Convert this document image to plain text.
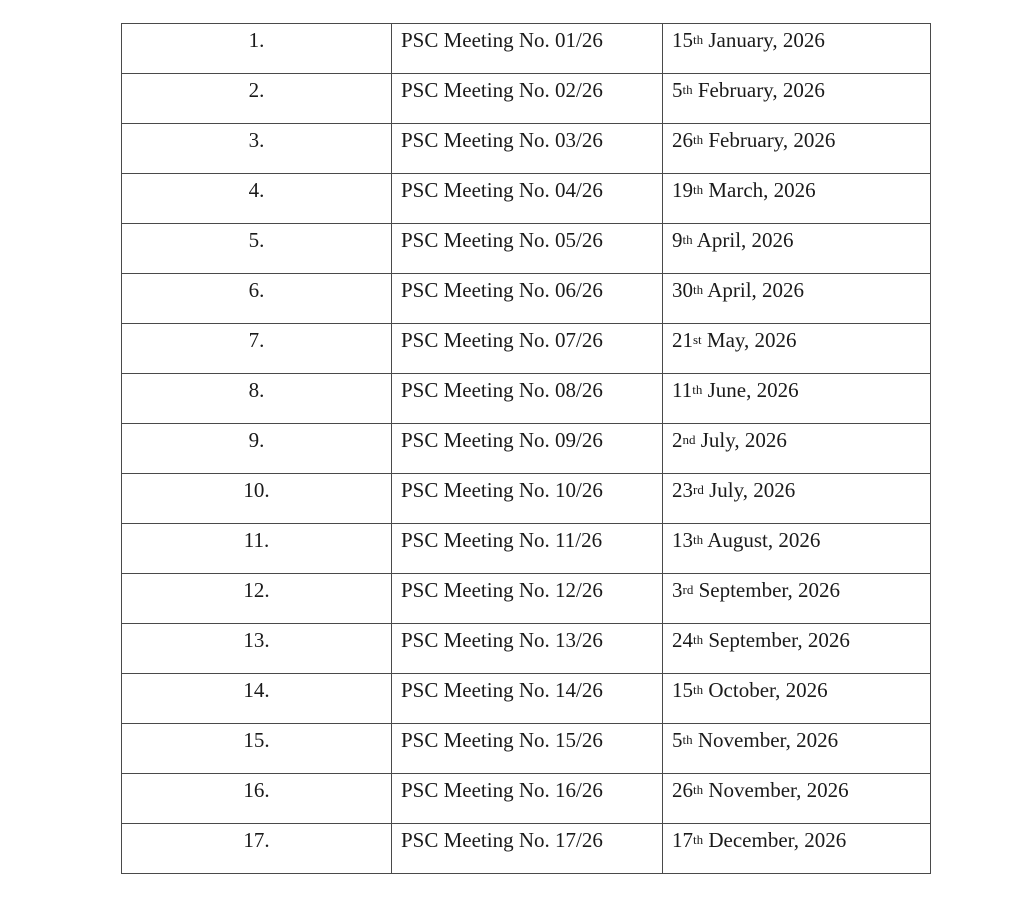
1.	PSC Meeting No. 01/26	15th January, 2026

2.	PSC Meeting No. 02/26	5th February, 2026

3.	PSC Meeting No. 03/26	26th February, 2026

4.	PSC Meeting No. 04/26	19th March, 2026

5.	PSC Meeting No. 05/26	9th April, 2026

6.	PSC Meeting No. 06/26	30th April, 2026

7.	PSC Meeting No. 07/26	21st May, 2026

8.	PSC Meeting No. 08/26	11th June, 2026

9.	PSC Meeting No. 09/26	2nd July, 2026

10.	PSC Meeting No. 10/26	23rd July, 2026

11.	PSC Meeting No. 11/26	13th August, 2026

12.	PSC Meeting No. 12/26	3rd September, 2026

13.	PSC Meeting No. 13/26	24th September, 2026

14.	PSC Meeting No. 14/26	15th October, 2026

15.	PSC Meeting No. 15/26	5th November, 2026

16.	PSC Meeting No. 16/26	26th November, 2026

17.	PSC Meeting No. 17/26	17th December, 2026
